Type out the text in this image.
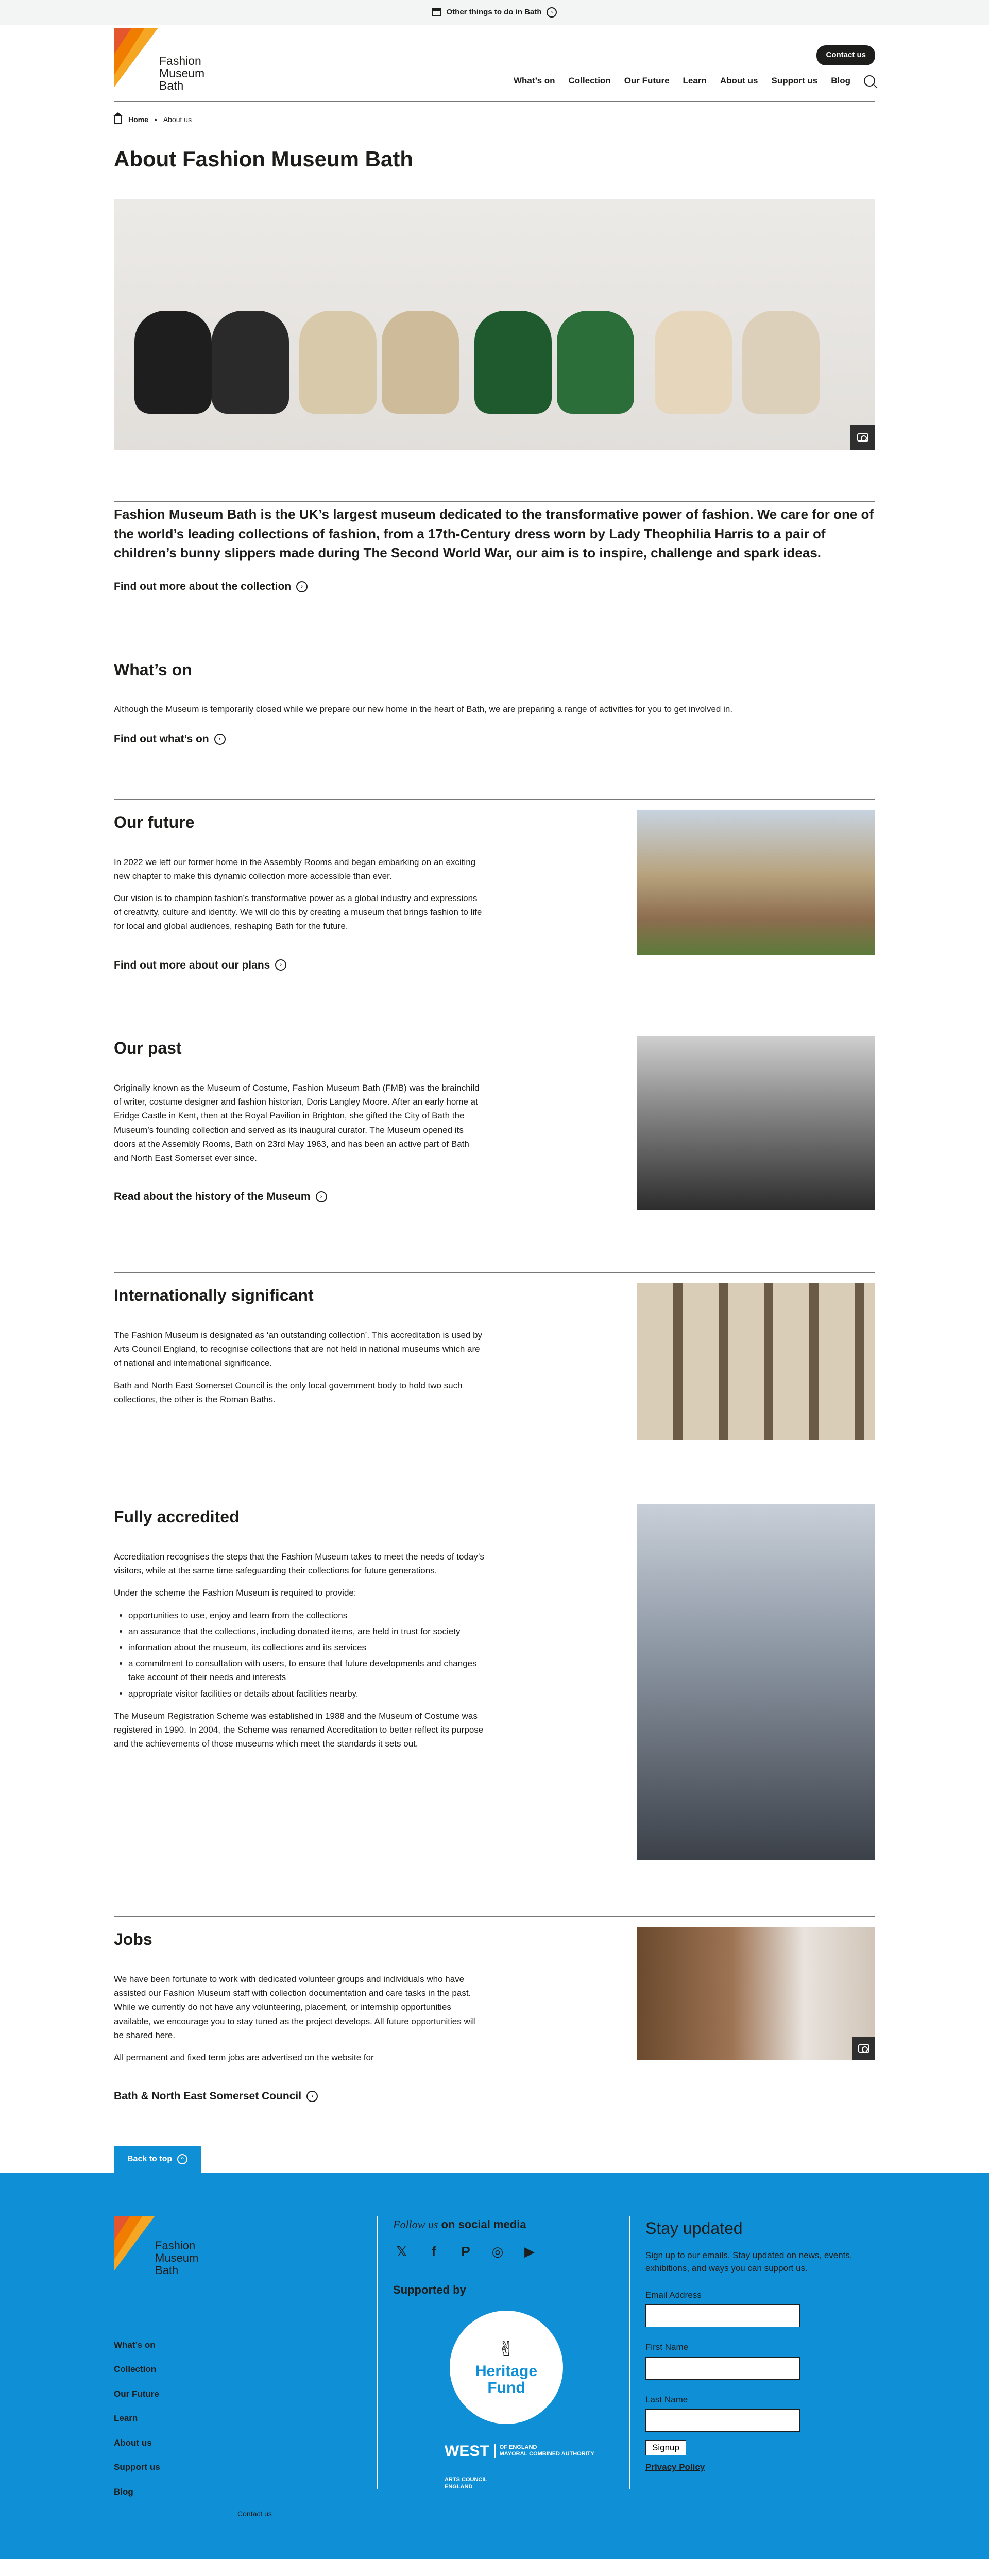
Other things to do in Bath	›
Fashion
Museum
Bath
Contact us
What’s on Collection Our Future Learn About us Support us Blog
Home • About us
About Fashion Museum Bath

Fashion Museum Bath is the UK’s largest museum dedicated to the transformative power of fashion. We care for one of the world’s leading collections of fashion, from a 17th-Century dress worn by Lady Theophilia Harris to a pair of children’s bunny slippers made during The Second World War, our aim is to inspire, challenge and spark ideas.

Find out more about the collection	›
What’s on

Although the Museum is temporarily closed while we prepare our new home in the heart of Bath, we are preparing a range of activities for you to get involved in.

Find out what’s on	›
Our future

In 2022 we left our former home in the Assembly Rooms and began embarking on an exciting new chapter to make this dynamic collection more accessible than ever.

Our vision is to champion fashion’s transformative power as a global industry and expressions of creativity, culture and identity. We will do this by creating a museum that brings fashion to life for local and global audiences, reshaping Bath for the future.

Find out more about our plans	›
Our past

Originally known as the Museum of Costume, Fashion Museum Bath (FMB) was the brainchild of writer, costume designer and fashion historian, Doris Langley Moore. After an early home at Eridge Castle in Kent, then at the Royal Pavilion in Brighton, she gifted the City of Bath the Museum’s founding collection and served as its inaugural curator. The Museum opened its doors at the Assembly Rooms, Bath on 23rd May 1963, and has been an active part of Bath and North East Somerset ever since.

Read about the history of the Museum	›
Internationally significant

The Fashion Museum is designated as ‘an outstanding collection’. This accreditation is used by Arts Council England, to recognise collections that are not held in national museums which are of national and international significance.

Bath and North East Somerset Council is the only local government body to hold two such collections, the other is the Roman Baths.

Fully accredited

Accreditation recognises the steps that the Fashion Museum takes to meet the needs of today’s visitors, while at the same time safeguarding their collections for future generations.

Under the scheme the Fashion Museum is required to provide:

• opportunities to use, enjoy and learn from the collections
• an assurance that the collections, including donated items, are held in trust for society
• information about the museum, its collections and its services
• a commitment to consultation with users, to ensure that future developments and changes take account of their needs and interests
• appropriate visitor facilities or details about facilities nearby.

The Museum Registration Scheme was established in 1988 and the Museum of Costume was registered in 1990. In 2004, the Scheme was renamed Accreditation to better reflect its purpose and the achievements of those museums which meet the standards it sets out.

Jobs

We have been fortunate to work with dedicated volunteer groups and individuals who have assisted our Fashion Museum staff with collection documentation and care tasks in the past. While we currently do not have any volunteering, placement, or internship opportunities available, we encourage you to stay tuned as the project develops. All future opportunities will be shared here.

All permanent and fixed term jobs are advertised on the website for

Bath & North East Somerset Council	›
Back to top	^
Fashion
Museum
Bath
What’s on
Collection
Our Future
Learn
About us
Support us
Blog
Contact us
Follow us on social media
𝕏	f	P	◎ ▶
Supported by
✌
Heritage
Fund
WEST	OF ENGLAND
MAYORAL COMBINED AUTHORITY
ARTS COUNCIL
ENGLAND
Stay updated

Sign up to our emails. Stay updated on news, events, exhibitions, and ways you can support us.

Email Address
First Name
Last Name
Signup
Privacy Policy
